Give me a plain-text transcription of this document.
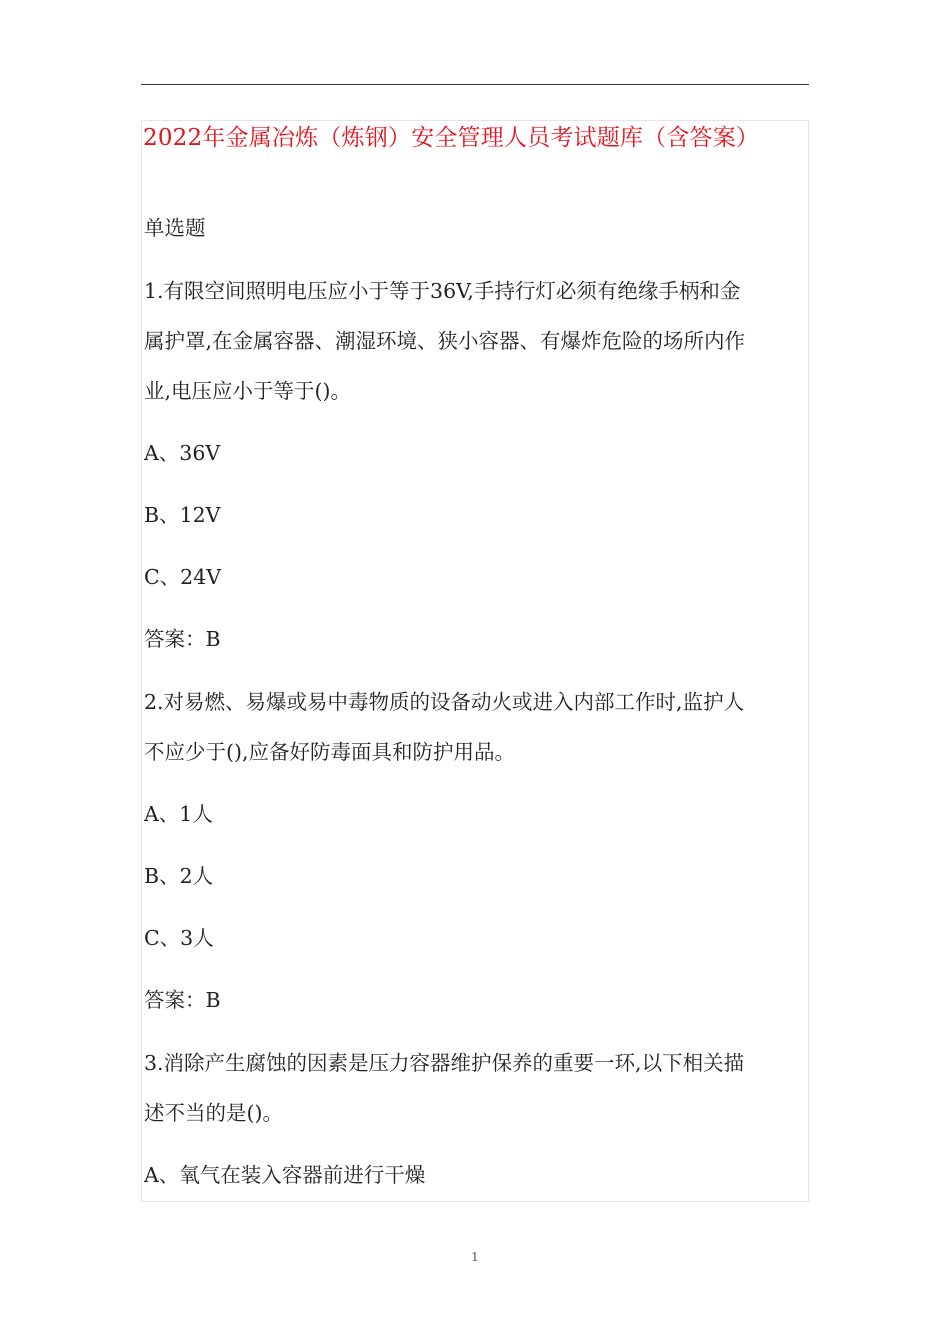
2022年金属冶炼（炼钢）安全管理人员考试题库（含答案）

单选题

1.有限空间照明电压应小于等于36V,手持行灯必须有绝缘手柄和金

属护罩,在金属容器、潮湿环境、狭小容器、有爆炸危险的场所内作

业,电压应小于等于()。

A、36V

B、12V

C、24V

答案：B

2.对易燃、易爆或易中毒物质的设备动火或进入内部工作时,监护人

不应少于(),应备好防毒面具和防护用品。

A、1人

B、2人

C、3人

答案：B

3.消除产生腐蚀的因素是压力容器维护保养的重要一环,以下相关描

述不当的是()。

A、氧气在装入容器前进行干燥

1
